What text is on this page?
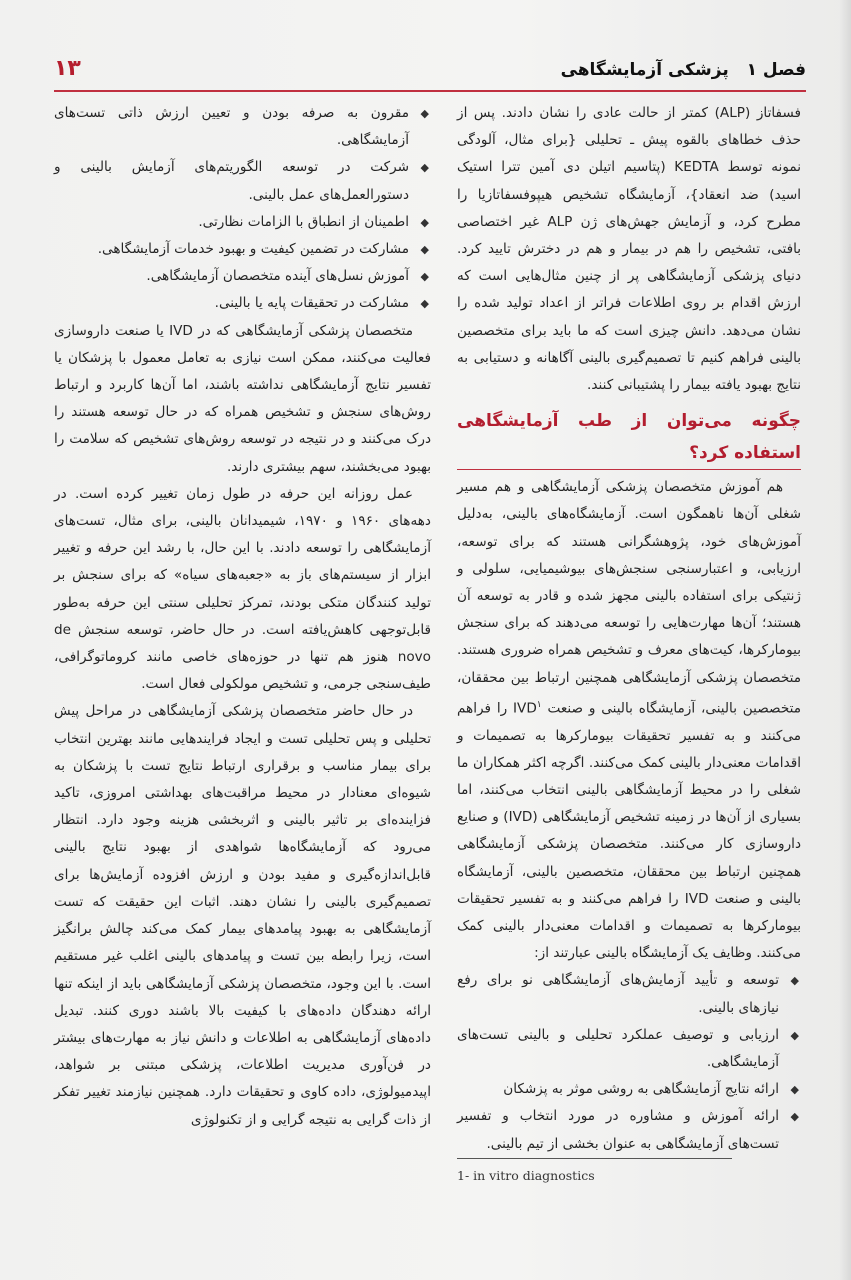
فصل ۱ پزشکی آزمایشگاهی
۱۳

فسفاتاز (ALP) کمتر از حالت عادی را نشان دادند. پس از حذف خطاهای بالقوه پیش ـ تحلیلی {برای مثال، آلودگی نمونه توسط KEDTA (پتاسیم اتیلن دی آمین تترا استیک اسید) ضد انعقاد}، آزمایشگاه تشخیص هیپوفسفاتازیا را مطرح کرد، و آزمایش جهش‌های ژن ALP غیر اختصاصی بافتی، تشخیص را هم در بیمار و هم در دخترش تایید کرد. دنیای پزشکی آزمایشگاهی پر از چنین مثال‌هایی است که ارزش اقدام بر روی اطلاعات فراتر از اعداد تولید شده را نشان می‌دهد. دانش چیزی است که ما باید برای متخصصین بالینی فراهم کنیم تا تصمیم‌گیری بالینی آگاهانه و دستیابی به نتایج بهبود یافته بیمار را پشتیبانی کنند.

چگونه می‌توان از طب آزمایشگاهی استفاده کرد؟

هم آموزش متخصصان پزشکی آزمایشگاهی و هم مسیر شغلی آن‌ها ناهمگون است. آزمایشگاه‌های بالینی، به‌دلیل آموزش‌های خود، پژوهشگرانی هستند که برای توسعه، ارزیابی، و اعتبارسنجی سنجش‌های بیوشیمیایی، سلولی و ژنتیکی برای استفاده بالینی مجهز شده و قادر به توسعه آن هستند؛ آن‌ها مهارت‌هایی را توسعه می‌دهند که برای سنجش بیومارکرها، کیت‌های معرف و تشخیص همراه ضروری هستند. متخصصان پزشکی آزمایشگاهی همچنین ارتباط بین محققان، متخصصین بالینی، آزمایشگاه بالینی و صنعت IVD$^۱$ را فراهم می‌کنند و به تفسیر تحقیقات بیومارکرها به تصمیمات و اقدامات معنی‌دار بالینی کمک می‌کنند. اگرچه اکثر همکاران ما شغلی را در محیط آزمایشگاهی بالینی انتخاب می‌کنند، اما بسیاری از آن‌ها در زمینه تشخیص آزمایشگاهی (IVD) و صنایع داروسازی کار می‌کنند. متخصصان پزشکی آزمایشگاهی همچنین ارتباط بین محققان، متخصصین بالینی، آزمایشگاه بالینی و صنعت IVD را فراهم می‌کنند و به تفسیر تحقیقات بیومارکرها به تصمیمات و اقدامات معنی‌دار بالینی کمک می‌کنند. وظایف یک آزمایشگاه بالینی عبارتند از:

◆
توسعه و تأیید آزمایش‌های آزمایشگاهی نو برای رفع نیازهای بالینی.
◆
ارزیابی و توصیف عملکرد تحلیلی و بالینی تست‌های آزمایشگاهی.
◆
ارائه نتایج آزمایشگاهی به روشی موثر به پزشکان
◆
ارائه آموزش و مشاوره در مورد انتخاب و تفسیر تست‌های آزمایشگاهی به عنوان بخشی از تیم بالینی.
◆
مقرون به صرفه بودن و تعیین ارزش ذاتی تست‌های آزمایشگاهی.
◆
شرکت در توسعه الگوریتم‌های آزمایش بالینی و دستورالعمل‌های عمل بالینی.
◆
اطمینان از انطباق با الزامات نظارتی.
◆
مشارکت در تضمین کیفیت و بهبود خدمات آزمایشگاهی.
◆
آموزش نسل‌های آینده متخصصان آزمایشگاهی.
◆
مشارکت در تحقیقات پایه یا بالینی.

متخصصان پزشکی آزمایشگاهی که در IVD یا صنعت داروسازی فعالیت می‌کنند، ممکن است نیازی به تعامل معمول با پزشکان یا تفسیر نتایج آزمایشگاهی نداشته باشند، اما آن‌ها کاربرد و ارتباط روش‌های سنجش و تشخیص همراه که در حال توسعه هستند را درک می‌کنند و در نتیجه در توسعه روش‌های تشخیص که سلامت را بهبود می‌بخشند، سهم بیشتری دارند.

عمل روزانه این حرفه در طول زمان تغییر کرده است. در دهه‌های ۱۹۶۰ و ۱۹۷۰، شیمیدانان بالینی، برای مثال، تست‌های آزمایشگاهی را توسعه دادند. با این حال، با رشد این حرفه و تغییر ابزار از سیستم‌های باز به «جعبه‌های سیاه» که برای سنجش بر تولید کنندگان متکی بودند، تمرکز تحلیلی سنتی این حرفه به‌طور قابل‌توجهی کاهش‌یافته است. در حال حاضر، توسعه سنجش de novo هنوز هم تنها در حوزه‌های خاصی مانند کروماتوگرافی، طیف‌سنجی جرمی، و تشخیص مولکولی فعال است.

در حال حاضر متخصصان پزشکی آزمایشگاهی در مراحل پیش تحلیلی و پس تحلیلی تست و ایجاد فرایندهایی مانند بهترین انتخاب برای بیمار مناسب و برقراری ارتباط نتایج تست با پزشکان به شیوه‌ای معنادار در محیط مراقبت‌های بهداشتی امروزی، تاکید فزاینده‌ای بر تاثیر بالینی و اثربخشی هزینه وجود دارد. انتظار می‌رود که آزمایشگاه‌ها شواهدی از بهبود نتایج بالینی قابل‌اندازه‌گیری و مفید بودن و ارزش افزوده آزمایش‌ها برای تصمیم‌گیری بالینی را نشان دهند. اثبات این حقیقت که تست آزمایشگاهی به بهبود پیامدهای بیمار کمک می‌کند چالش برانگیز است، زیرا رابطه بین تست و پیامدهای بالینی اغلب غیر مستقیم است. با این وجود، متخصصان پزشکی آزمایشگاهی باید از اینکه تنها ارائه دهندگان داده‌های با کیفیت بالا باشند دوری کنند. تبدیل داده‌های آزمایشگاهی به اطلاعات و دانش نیاز به مهارت‌های بیشتر در فن‌آوری مدیریت اطلاعات، پزشکی مبتنی بر شواهد، اپیدمیولوژی، داده کاوی و تحقیقات دارد. همچنین نیازمند تغییر تفکر از ذات گرایی به نتیجه گرایی و از تکنولوژی

1- in vitro diagnostics
